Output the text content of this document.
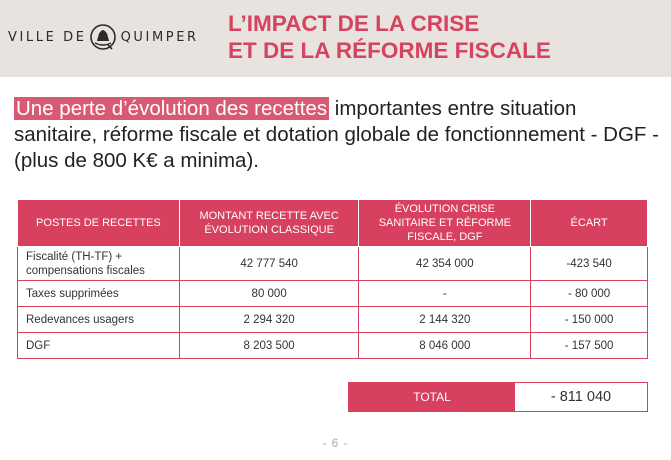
VILLE DE	QUIMPER
L’IMPACT DE LA CRISE
ET DE LA RÉFORME FISCALE

Une perte d’évolution des recettes importantes entre situation sanitaire, réforme fiscale et dotation globale de fonctionnement - DGF - (plus de 800 K€ a minima).

POSTES DE RECETTES	MONTANT RECETTE AVEC ÉVOLUTION CLASSIQUE	ÉVOLUTION CRISE SANITAIRE ET RÉFORME FISCALE, DGF	ÉCART
Fiscalité (TH-TF) + compensations fiscales	42 777 540	42 354 000	-423 540
Taxes supprimées	80 000	-	- 80 000
Redevances usagers	2 294 320	2 144 320	- 150 000
DGF	8 203 500	8 046 000	- 157 500
TOTAL	- 811 040
- 6 -
